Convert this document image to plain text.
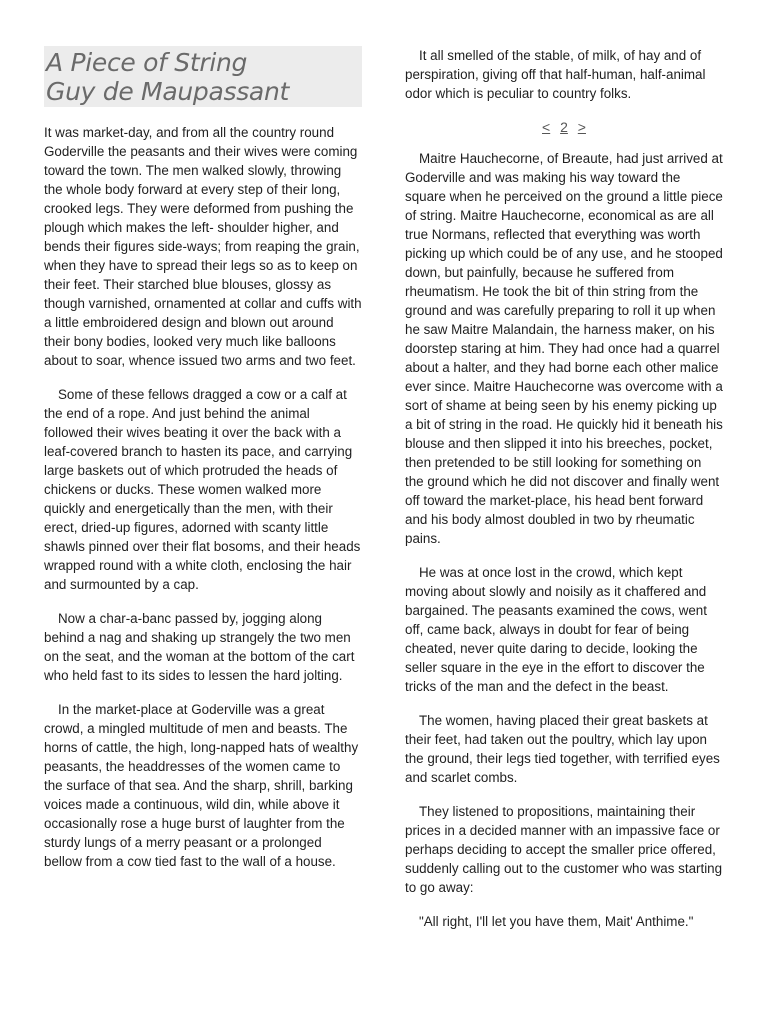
A Piece of String
Guy de Maupassant

It was market-day, and from all the country round Goderville the peasants and their wives were coming toward the town. The men walked slowly, throwing the whole body forward at every step of their long, crooked legs. They were deformed from pushing the plough which makes the left- shoulder higher, and bends their figures side-ways; from reaping the grain, when they have to spread their legs so as to keep on their feet. Their starched blue blouses, glossy as though varnished, ornamented at collar and cuffs with a little embroidered design and blown out around their bony bodies, looked very much like balloons about to soar, whence issued two arms and two feet.

Some of these fellows dragged a cow or a calf at the end of a rope. And just behind the animal followed their wives beating it over the back with a leaf-covered branch to hasten its pace, and carrying large baskets out of which protruded the heads of chickens or ducks. These women walked more quickly and energetically than the men, with their erect, dried-up figures, adorned with scanty little shawls pinned over their flat bosoms, and their heads wrapped round with a white cloth, enclosing the hair and surmounted by a cap.

Now a char-a-banc passed by, jogging along behind a nag and shaking up strangely the two men on the seat, and the woman at the bottom of the cart who held fast to its sides to lessen the hard jolting.

In the market-place at Goderville was a great crowd, a mingled multitude of men and beasts. The horns of cattle, the high, long-napped hats of wealthy peasants, the headdresses of the women came to the surface of that sea. And the sharp, shrill, barking voices made a continuous, wild din, while above it occasionally rose a huge burst of laughter from the sturdy lungs of a merry peasant or a prolonged bellow from a cow tied fast to the wall of a house.

It all smelled of the stable, of milk, of hay and of perspiration, giving off that half-human, half-animal odor which is peculiar to country folks.

< 2 >

Maitre Hauchecorne, of Breaute, had just arrived at Goderville and was making his way toward the square when he perceived on the ground a little piece of string. Maitre Hauchecorne, economical as are all true Normans, reflected that everything was worth picking up which could be of any use, and he stooped down, but painfully, because he suffered from rheumatism. He took the bit of thin string from the ground and was carefully preparing to roll it up when he saw Maitre Malandain, the harness maker, on his doorstep staring at him. They had once had a quarrel about a halter, and they had borne each other malice ever since. Maitre Hauchecorne was overcome with a sort of shame at being seen by his enemy picking up a bit of string in the road. He quickly hid it beneath his blouse and then slipped it into his breeches, pocket, then pretended to be still looking for something on the ground which he did not discover and finally went off toward the market-place, his head bent forward and his body almost doubled in two by rheumatic pains.

He was at once lost in the crowd, which kept moving about slowly and noisily as it chaffered and bargained. The peasants examined the cows, went off, came back, always in doubt for fear of being cheated, never quite daring to decide, looking the seller square in the eye in the effort to discover the tricks of the man and the defect in the beast.

The women, having placed their great baskets at their feet, had taken out the poultry, which lay upon the ground, their legs tied together, with terrified eyes and scarlet combs.

They listened to propositions, maintaining their prices in a decided manner with an impassive face or perhaps deciding to accept the smaller price offered, suddenly calling out to the customer who was starting to go away:

"All right, I'll let you have them, Mait' Anthime."
